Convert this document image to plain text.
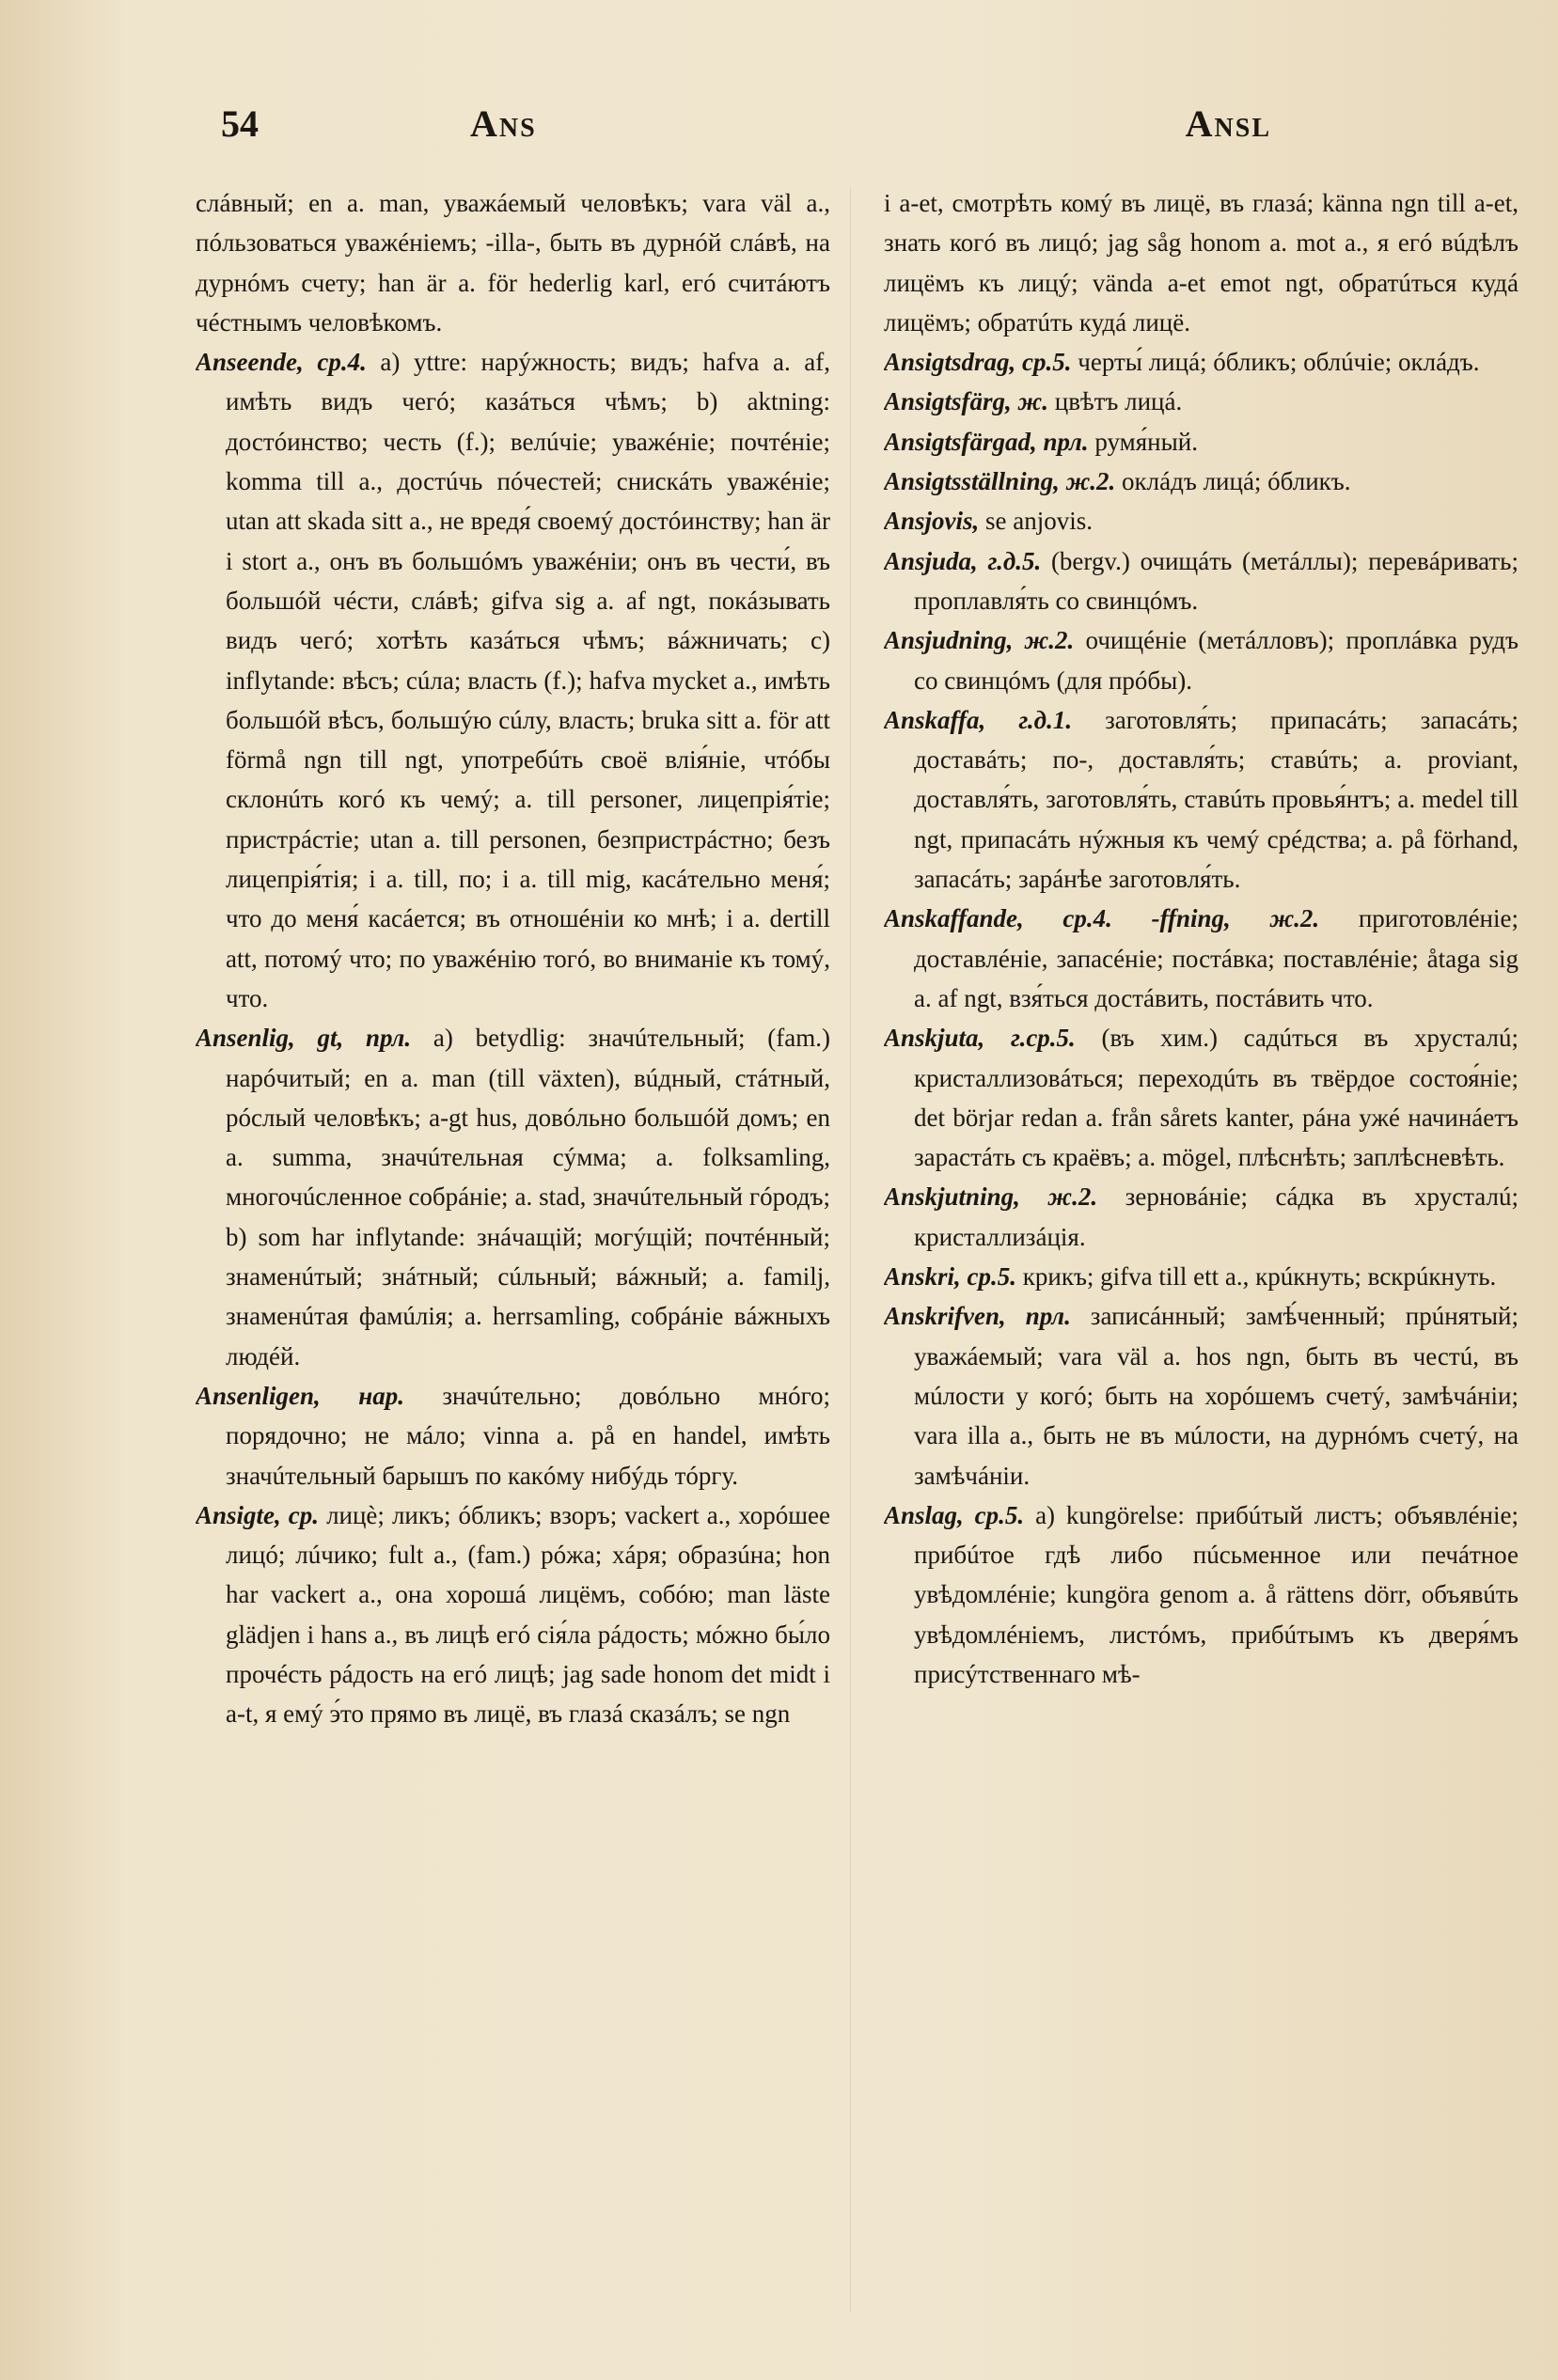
54	Ans	Ansl

слáвный; en a. man, уважáемый человѣкъ; vara väl a., пóльзоваться уважéніемъ; -illa-, быть въ дурнóй слáвѣ, на дурнóмъ счету; han är a. för hederlig karl, егó считáютъ чéстнымъ человѣкомъ.

Anseende, ср.4. a) yttre: нарýжность; видъ; hafva a. af, имѣть видъ чегó; казáться чѣмъ; b) aktning: достóинство; честь (f.); велúчіе; уважéніе; почтéніе; komma till a., достúчь пóчестей; снискáть уважéніе; utan att skada sitt a., не вредя́ своемý достóинству; han är i stort a., онъ въ большóмъ уважéніи; онъ въ чести́, въ большóй чéсти, слáвѣ; gifva sig a. af ngt, покáзывать видъ чегó; хотѣть казáться чѣмъ; вáжничать; c) inflytande: вѣсъ; сúла; власть (f.); hafva mycket a., имѣть большóй вѣсъ, большýю сúлу, власть; bruka sitt a. för att förmå ngn till ngt, употребúть своё влія́ніе, чтóбы склонúть когó къ чемý; a. till personer, лицепрія́тіе; пристрáстіе; utan a. till personen, безпристрáстно; безъ лицепрія́тія; i a. till, по; i a. till mig, касáтельно меня́; что до меня́ касáется; въ отношéніи ко мнѣ; i a. dertill att, потомý что; по уважéнію тогó, во вниманіе къ томý, что.

Ansenlig, gt, прл. a) betydlig: значúтельный; (fam.) нарóчитый; en a. man (till växten), вúдный, стáтный, рóслый человѣкъ; a-gt hus, довóльно большóй домъ; en a. summa, значúтельная сýмма; a. folksamling, многочúсленное собрáніе; a. stad, значúтельный гóродъ; b) som har inflytande: знáчащій; могýщій; почтéнный; знаменúтый; знáтный; сúльный; вáжный; a. familj, знаменúтая фамúлія; a. herrsamling, собрáніе вáжныхъ людéй.

Ansenligen, нар. значúтельно; довóльно мнóго; порядочно; не мáло; vinna a. på en handel, имѣть значúтельный барышъ по какóму нибýдь тóргу.

Ansigte, ср. лицѐ; ликъ; óбликъ; взоръ; vackert a., хорóшее лицó; лúчико; fult a., (fam.) рóжа; хáря; образúна; hon har vackert a., она хорошá лицёмъ, собóю; man läste glädjen i hans a., въ лицѣ егó сія́ла рáдость; мóжно бы́ло прочéсть рáдость на егó лицѣ; jag sade honom det midt i a-t, я емý э́то прямо въ лицё, въ глазá сказáлъ; se ngn

i a-et, смотрѣть комý въ лицё, въ глазá; känna ngn till a-et, знать когó въ лицó; jag såg honom a. mot a., я егó вúдѣлъ лицёмъ къ лицý; vända a-et emot ngt, обратúться кудá лицёмъ; обратúть кудá лицё.

Ansigtsdrag, ср.5. черты́ лицá; óбликъ; облúчіе; оклáдъ.

Ansigtsfärg, ж. цвѣтъ лицá.

Ansigtsfärgad, прл. румя́ный.

Ansigtsställning, ж.2. оклáдъ лицá; óбликъ.

Ansjovis, se anjovis.

Ansjuda, г.д.5. (bergv.) очищáть (метáллы); перевáривать; проплавля́ть со свинцóмъ.

Ansjudning, ж.2. очищéніе (метáлловъ); проплáвка рудъ со свинцóмъ (для прóбы).

Anskaffa, г.д.1. заготовля́ть; припасáть; запасáть; доставáть; по-, доставля́ть; ставúть; a. proviant, доставля́ть, заготовля́ть, ставúть провья́нтъ; a. medel till ngt, припасáть нýжныя къ чемý срéдства; a. på förhand, запасáть; зарáнѣе заготовля́ть.

Anskaffande, ср.4. -ffning, ж.2. приготовлéніе; доставлéніе, запасéніе; постáвка; поставлéніе; åtaga sig a. af ngt, взя́ться достáвить, постáвить что.

Anskjuta, г.ср.5. (въ хим.) садúться въ хрусталú; кристаллизовáться; переходúть въ твёрдое состоя́ніе; det börjar redan a. från sårets kanter, рáна ужé начинáетъ зарастáть съ краёвъ; a. mögel, плѣснѣть; заплѣсневѣть.

Anskjutning, ж.2. зерновáніе; сáдка въ хрусталú; кристаллизáція.

Anskri, ср.5. крикъ; gifva till ett a., крúкнуть; вскрúкнуть.

Anskrifven, прл. записáнный; замѣ́ченный; прúнятый; уважáемый; vara väl a. hos ngn, быть въ честú, въ мúлости у когó; быть на хорóшемъ счетý, замѣчáніи; vara illa a., быть не въ мúлости, на дурнóмъ счетý, на замѣчáніи.

Anslag, ср.5. a) kungörelse: прибúтый листъ; объявлéніе; прибúтое гдѣ либо пúсьменное или печáтное увѣдомлéніе; kungöra genom a. å rättens dörr, объявúть увѣдомлéніемъ, листóмъ, прибúтымъ къ дверя́мъ присýтственнаго мѣ-
